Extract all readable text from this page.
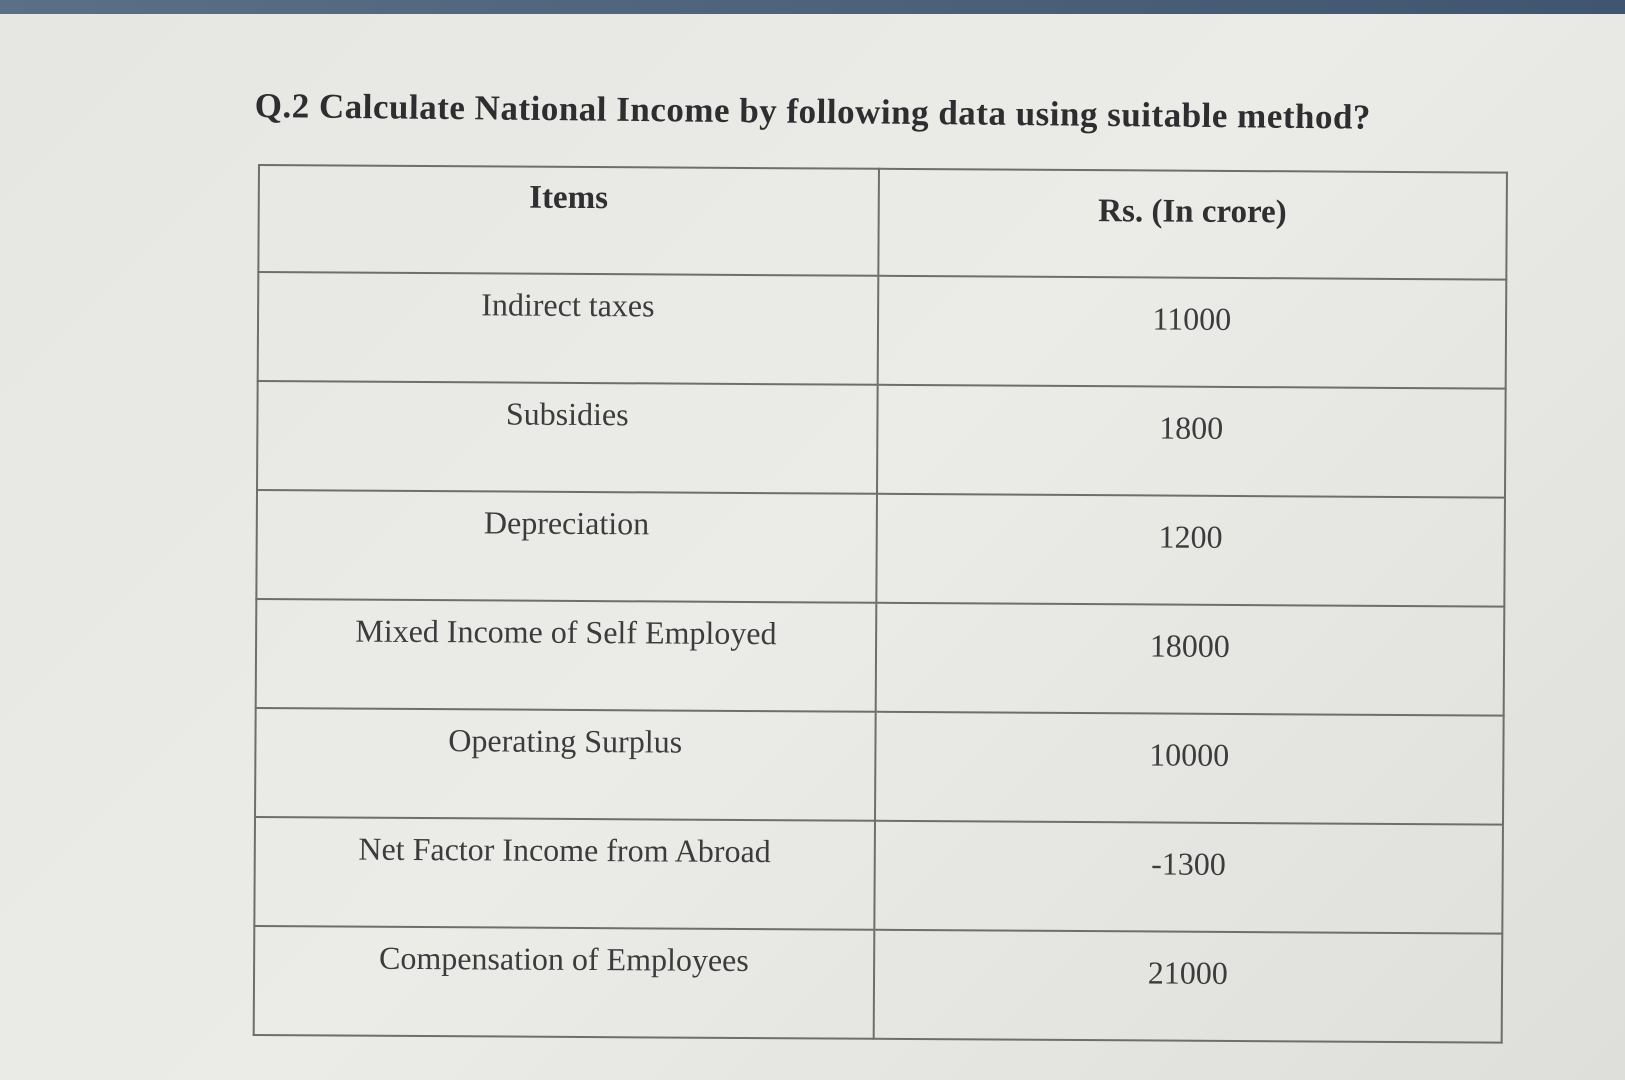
Q.2 Calculate National Income by following data using suitable method?
Items	Rs. (In crore)
Indirect taxes	11000
Subsidies	1800
Depreciation	1200
Mixed Income of Self Employed	18000
Operating Surplus	10000
Net Factor Income from Abroad	-1300
Compensation of Employees	21000
